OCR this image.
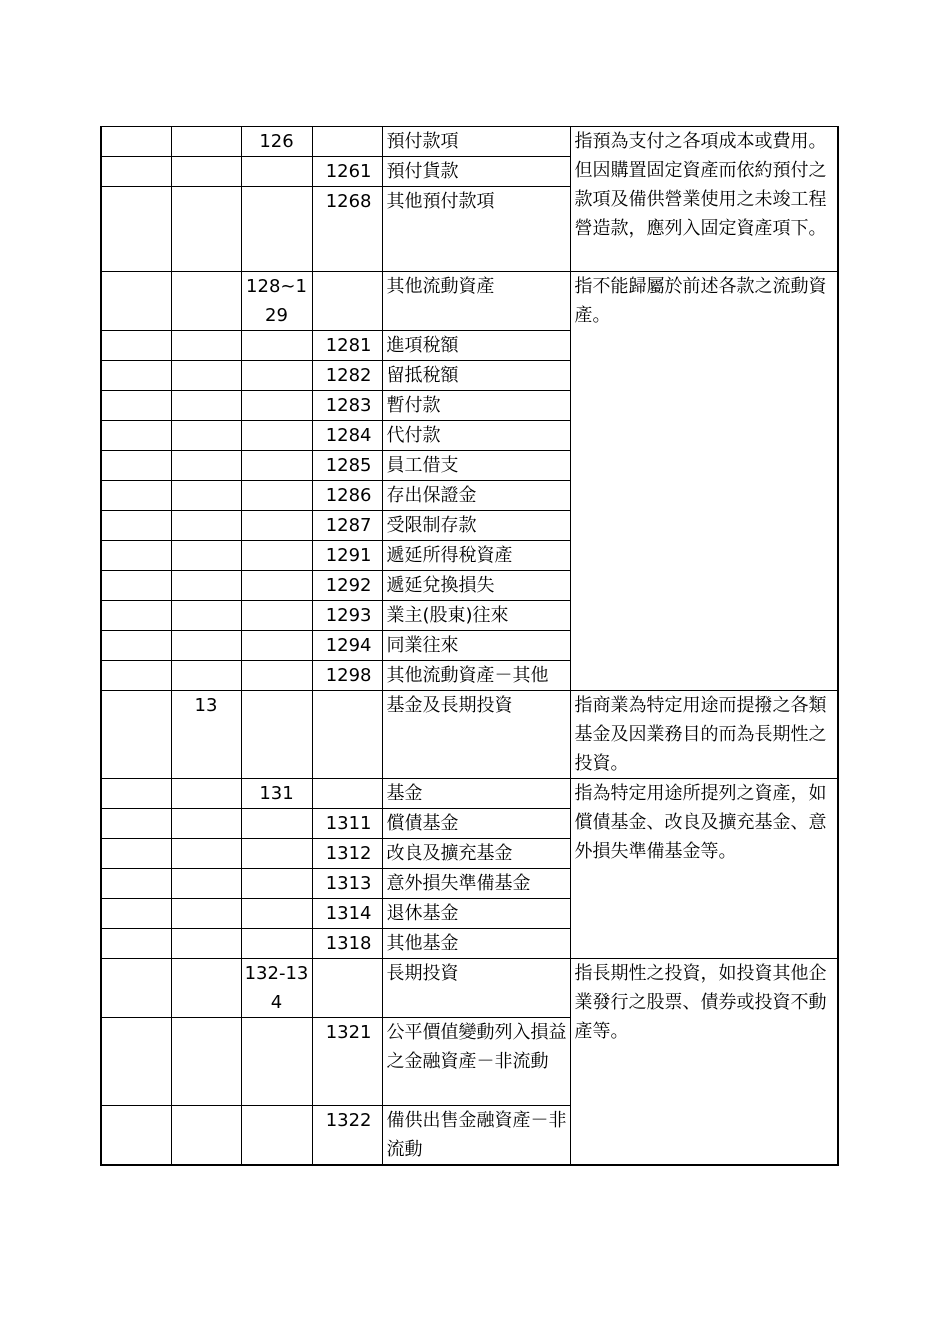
		126		預付款項	指預為支付之各項成本或費用。但因購置固定資產而依約預付之款項及備供營業使用之未竣工程營造款，應列入固定資產項下。
			1261	預付貨款	
			1268	其他預付款項	
		128~129		其他流動資產	指不能歸屬於前述各款之流動資產。
			1281	進項稅額	
			1282	留抵稅額	
			1283	暫付款	
			1284	代付款	
			1285	員工借支	
			1286	存出保證金	
			1287	受限制存款	
			1291	遞延所得稅資產	
			1292	遞延兌換損失	
			1293	業主(股東)往來	
			1294	同業往來	
			1298	其他流動資產－其他	
	13			基金及長期投資	指商業為特定用途而提撥之各類基金及因業務目的而為長期性之投資。
		131		基金	指為特定用途所提列之資產，如償債基金、改良及擴充基金、意外損失準備基金等。
			1311	償債基金	
			1312	改良及擴充基金	
			1313	意外損失準備基金	
			1314	退休基金	
			1318	其他基金	
		132-134		長期投資	指長期性之投資，如投資其他企業發行之股票、債券或投資不動產等。
			1321	公平價值變動列入損益之金融資產－非流動	
			1322	備供出售金融資產－非流動	
